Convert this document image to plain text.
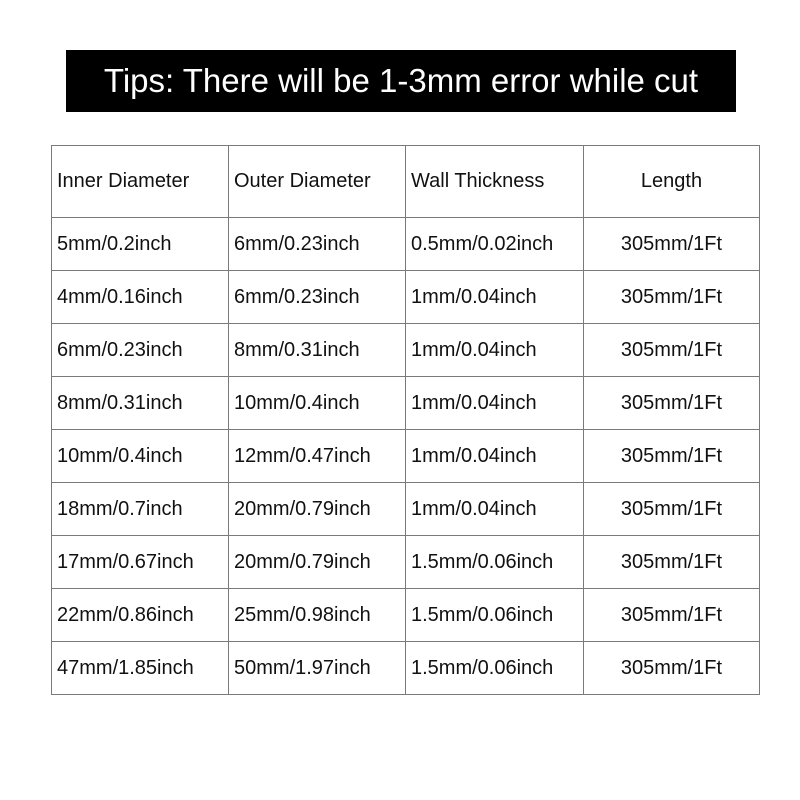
Tips: There will be 1-3mm error while cut
Inner Diameter	Outer Diameter	Wall Thickness	Length
5mm/0.2inch	6mm/0.23inch	0.5mm/0.02inch	305mm/1Ft
4mm/0.16inch	6mm/0.23inch	1mm/0.04inch	305mm/1Ft
6mm/0.23inch	8mm/0.31inch	1mm/0.04inch	305mm/1Ft
8mm/0.31inch	10mm/0.4inch	1mm/0.04inch	305mm/1Ft
10mm/0.4inch	12mm/0.47inch	1mm/0.04inch	305mm/1Ft
18mm/0.7inch	20mm/0.79inch	1mm/0.04inch	305mm/1Ft
17mm/0.67inch	20mm/0.79inch	1.5mm/0.06inch	305mm/1Ft
22mm/0.86inch	25mm/0.98inch	1.5mm/0.06inch	305mm/1Ft
47mm/1.85inch	50mm/1.97inch	1.5mm/0.06inch	305mm/1Ft
